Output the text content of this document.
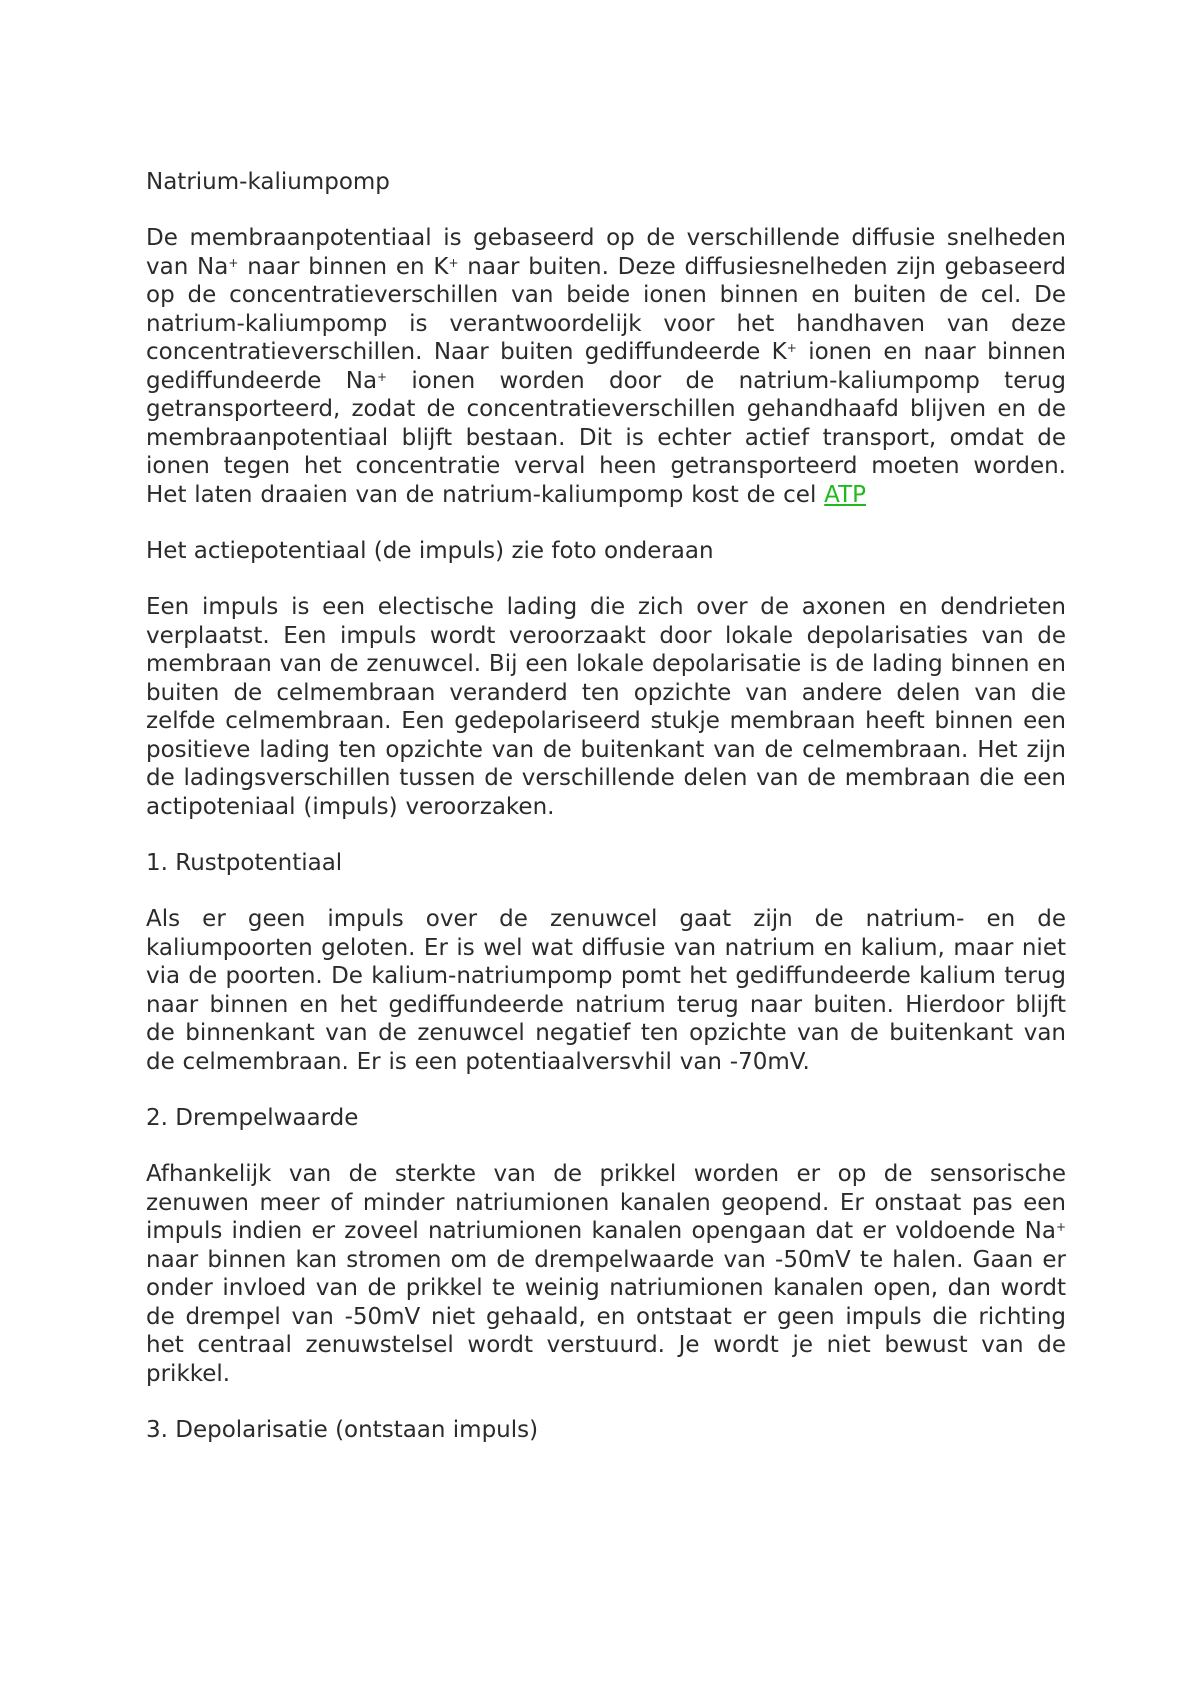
Natrium-kaliumpomp

De membraanpotentiaal is gebaseerd op de verschillende diffusie snelheden van Na+ naar binnen en K+ naar buiten. Deze diffusiesnelheden zijn gebaseerd op de concentratieverschillen van beide ionen binnen en buiten de cel. De natrium-kaliumpomp is verantwoordelijk voor het handhaven van deze concentratieverschillen. Naar buiten gediffundeerde K+ ionen en naar binnen gediffundeerde Na+ ionen worden door de natrium-kaliumpomp terug getransporteerd, zodat de concentratieverschillen gehandhaafd blijven en de membraanpotentiaal blijft bestaan. Dit is echter actief transport, omdat de ionen tegen het concentratie verval heen getransporteerd moeten worden. Het laten draaien van de natrium-kaliumpomp kost de cel ATP

Het actiepotentiaal (de impuls) zie foto onderaan

Een impuls is een electische lading die zich over de axonen en dendrieten verplaatst. Een impuls wordt veroorzaakt door lokale depolarisaties van de membraan van de zenuwcel. Bij een lokale depolarisatie is de lading binnen en buiten de celmembraan veranderd ten opzichte van andere delen van die zelfde celmembraan. Een gedepolariseerd stukje membraan heeft binnen een positieve lading ten opzichte van de buitenkant van de celmembraan. Het zijn de ladingsverschillen tussen de verschillende delen van de membraan die een actipoteniaal (impuls) veroorzaken.

1. Rustpotentiaal

Als er geen impuls over de zenuwcel gaat zijn de natrium- en de kaliumpoorten geloten. Er is wel wat diffusie van natrium en kalium, maar niet via de poorten. De kalium-natriumpomp pomt het gediffundeerde kalium terug naar binnen en het gediffundeerde natrium terug naar buiten. Hierdoor blijft de binnenkant van de zenuwcel negatief ten opzichte van de buitenkant van de celmembraan. Er is een potentiaalversvhil van -70mV.

2. Drempelwaarde

Afhankelijk van de sterkte van de prikkel worden er op de sensorische zenuwen meer of minder natriumionen kanalen geopend. Er onstaat pas een impuls indien er zoveel natriumionen kanalen opengaan dat er voldoende Na+ naar binnen kan stromen om de drempelwaarde van -50mV te halen. Gaan er onder invloed van de prikkel te weinig natriumionen kanalen open, dan wordt de drempel van -50mV niet gehaald, en ontstaat er geen impuls die richting het centraal zenuwstelsel wordt verstuurd. Je wordt je niet bewust van de prikkel.

3. Depolarisatie (ontstaan impuls)
